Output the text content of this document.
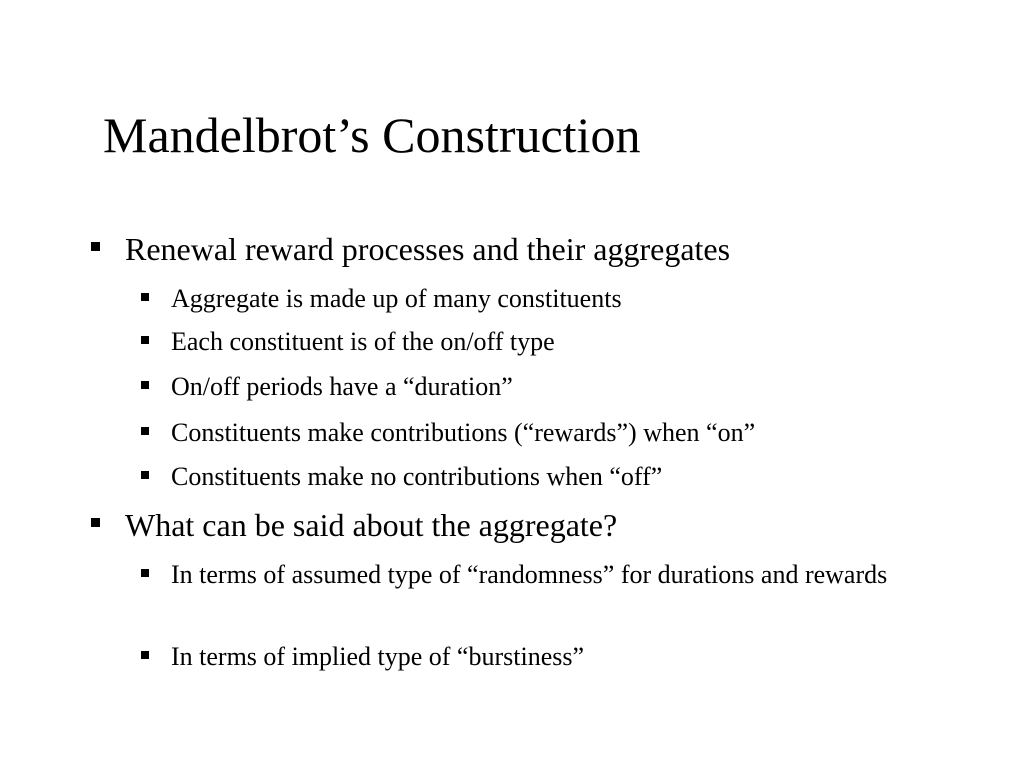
Mandelbrot’s Construction
Renewal reward processes and their aggregates
Aggregate is made up of many constituents
Each constituent is of the on/off type
On/off periods have a “duration”
Constituents make contributions (“rewards”) when “on”
Constituents make no contributions when “off”
What can be said about the aggregate?
In terms of assumed type of “randomness” for durations and rewards
In terms of implied type of “burstiness”
